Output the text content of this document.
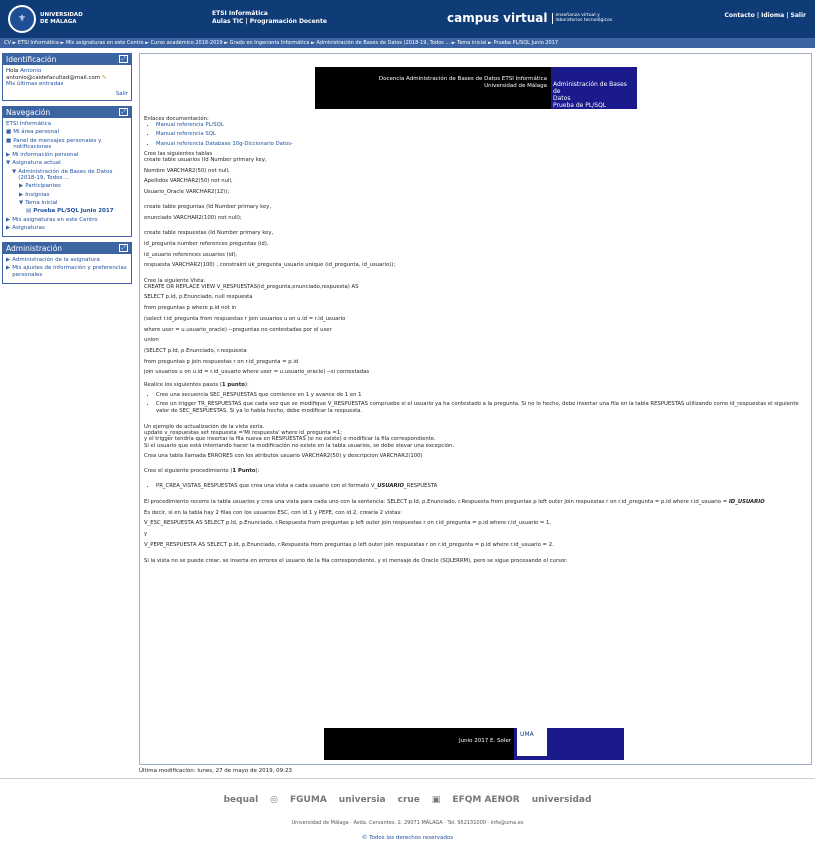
⚜	UNIVERSIDAD
DE MÁLAGA
ETSI Informática
Aulas TIC | Programación Docente	campus virtual enseñanza virtual y
laboratorios tecnológicos
Contacto | Idioma | Salir
CV ► ETSI Informática ► Mis asignaturas en este Centro ► Curso académico 2018-2019 ► Grado en Ingeniería Informática ► Administración de Bases de Datos (2018-19, Todos ... ► Tema inicial ► Prueba PL/SQL Junio 2017
Identificación	⤢
Hola Antonio
antonio@caidefacultad@mail.com ✎
Mis últimas entradas
Salir
Navegación	⤢
ETSI Informática
■ Mi área personal
■ Panel de mensajes personales y notificaciones
▶ Mi información personal
▼ Asignatura actual
▼ Administración de Bases de Datos (2018-19, Todos ...
▶ Participantes
▶ Insignias
▼ Tema inicial
▤ Prueba PL/SQL Junio 2017
▶ Mis asignaturas en este Centro
▶ Asignaturas
Administración	⤢
▶ Administración de la asignatura
▶ Mis ajustes de información y preferencias personales
Docencia Administración de Bases de Datos ETSI Informática
Universidad de Málaga Administración de Bases de
Datos
Prueba de PL/SQL
Enlaces documentación:
• Manual referencia PL/SQL
• Manual referencia SQL
• Manual referencia Database 10g-Diccionario Datos-
Cree las siguientes tablas

create table usuarios (Id Number primary key,

Nombre VARCHAR2(50) not null,

Apellidos VARCHAR2(50) not null,

Usuario_Oracle VARCHAR2(12));

create table preguntas (Id Number primary key,

enunciado VARCHAR2(100) not null);

create table respuestas (Id Number primary key,

id_pregunta number references preguntas (id),

id_usuario references usuarios (id),

respuesta VARCHAR2(100) , constraint uk_pregunta_usuario unique (id_pregunta, id_usuario));

Cree la siguiente Vista:

CREATE OR REPLACE VIEW V_RESPUESTAS(id_pregunta,enunciado,respuesta) AS

SELECT p.Id, p.Enunciado, null respuesta

from preguntas p where p.id not in

(select r.id_pregunta from respuestas r join usuarios u on u.id = r.id_usuario

where user = u.usuario_oracle) --preguntas no contestadas por el user

union

(SELECT p.Id, p.Enunciado, r.respuesta

from preguntas p join respuestas r on r.id_pregunta = p.id

join usuarios u on u.id = r.id_usuario where user = u.usuario_oracle) --si contestadas

Realice los siguientes pasos (1 punto):

• Cree una secuencia SEC_RESPUESTAS que comience en 1 y avance de 1 en 1
• Cree un trigger TR_RESPUESTAS que cada vez que se modifique V_RESPUESTAS compruebe si el usuario ya ha contestado a la pregunta. Si no lo hecho, debe insertar una fila en la tabla RESPUESTAS utilizando como id_respuestas el siguiente valor de SEC_RESPUESTAS. Si ya lo había hecho, debe modificar la respuesta.
Un ejemplo de actualización de la vista sería.
update v_respuestas set respuesta ='Mi respuesta' where id_pregunta =1;
y el trigger tendría que insertar la fila nueva en RESPUESTAS (si no existe) o modificar la fila correspondiente.

Si el usuario que está intentando hacer la modificación no existe en la tabla usuarios, se debe elevar una excepción.

Crea una tabla llamada ERRORES con los atributos usuario VARCHAR2(50) y descripcion VARCHAR2(100)

Cree el siguiente procedimiento (1 Punto):

• PR_CREA_VISTAS_RESPUESTAS que crea una vista a cada usuario con el formato V_USUARIO_RESPUESTA

El procedimiento recorre la tabla usuarios y crea una vista para cada uno con la sentencia: SELECT p.Id, p.Enunciado, r.Respuesta from preguntas p left outer join respuestas r on r.id_pregunta = p.id where r.id_usuario = ID_USUARIO

Es decir, si en la tabla hay 2 filas con los usuarios ESC, con id 1 y PEPE, con id 2, crearía 2 vistas:

V_ESC_RESPUESTA AS SELECT p.Id, p.Enunciado, r.Respuesta from preguntas p left outer join respuestas r on r.id_pregunta = p.id where r.id_usuario = 1,

y

V_PEPE_RESPUESTA AS SELECT p.Id, p.Enunciado, r.Respuesta from preguntas p left outer join respuestas r on r.id_pregunta = p.id where r.id_usuario = 2.

Si la vista no se puede crear, se inserta en errores el usuario de la fila correspondiente, y el mensaje de Oracle (SQLERRM), pero se sigue procesando el cursor.

Junio 2017 E. Soler
UMA
Última modificación: lunes, 27 de mayo de 2019, 09:23
bequal ◎ FGUMA universia crue ▣ EFQM AENOR universidad
Universidad de Málaga · Avda. Cervantes, 2. 29071 MÁLAGA · Tel. 952131000 · info@uma.es
© Todos los derechos reservados
